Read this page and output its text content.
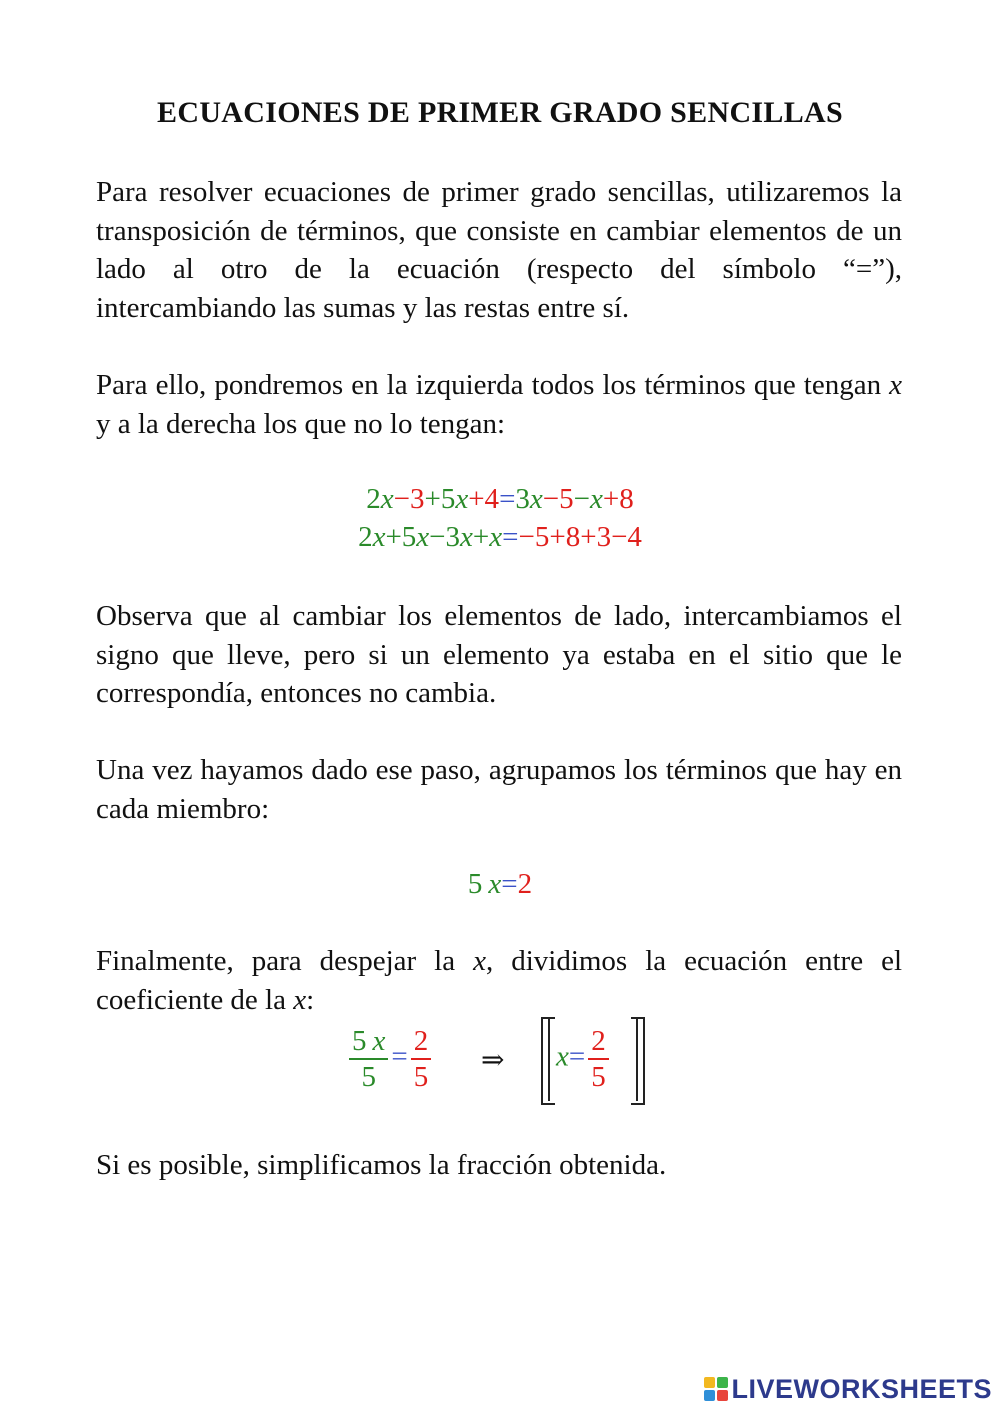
ECUACIONES DE PRIMER GRADO SENCILLAS

Para resolver ecuaciones de primer grado sencillas, utilizaremos la transposición de términos, que consiste en cambiar elementos de un lado al otro de la ecuación (respecto del símbolo “=”), intercambiando las sumas y las restas entre sí.

Para ello, pondremos en la izquierda todos los términos que tengan x y a la derecha los que no lo tengan:

2x−3+5x+4=3x−5−x+8
2x+5x−3x+x=−5+8+3−4

Observa que al cambiar los elementos de lado, intercambiamos el signo que lleve, pero si un elemento ya estaba en el sitio que le correspondía, entonces no cambia.

Una vez hayamos dado ese paso, agrupamos los términos que hay en cada miembro:

5 x=2

Finalmente, para despejar la x, dividimos la ecuación entre el coeficiente de la x:

$\frac{5 x}{5} = \frac{2}{5}$ ⇒ $x= \frac{2}{5}$

Si es posible, simplificamos la fracción obtenida.

LIVEWORKSHEETS
